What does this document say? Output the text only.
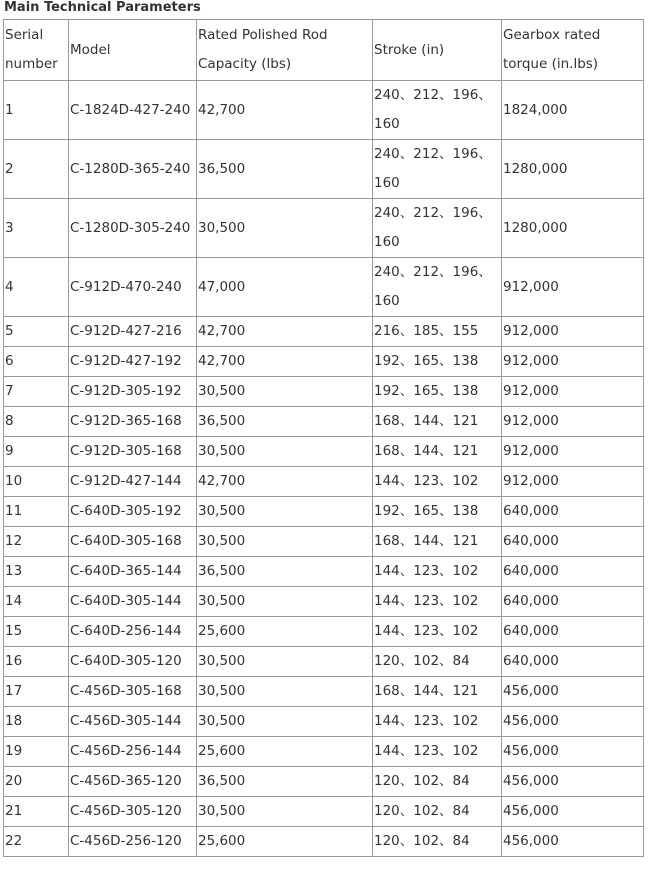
Main Technical Parameters
Serial number	Model	Rated Polished Rod Capacity (lbs)	Stroke (in)	Gearbox rated torque (in.lbs)
1	C-1824D-427-240	42,700	240、212、196、160	1824,000
2	C-1280D-365-240	36,500	240、212、196、160	1280,000
3	C-1280D-305-240	30,500	240、212、196、160	1280,000
4	C-912D-470-240	47,000	240、212、196、160	912,000
5	C-912D-427-216	42,700	216、185、155	912,000
6	C-912D-427-192	42,700	192、165、138	912,000
7	C-912D-305-192	30,500	192、165、138	912,000
8	C-912D-365-168	36,500	168、144、121	912,000
9	C-912D-305-168	30,500	168、144、121	912,000
10	C-912D-427-144	42,700	144、123、102	912,000
11	C-640D-305-192	30,500	192、165、138	640,000
12	C-640D-305-168	30,500	168、144、121	640,000
13	C-640D-365-144	36,500	144、123、102	640,000
14	C-640D-305-144	30,500	144、123、102	640,000
15	C-640D-256-144	25,600	144、123、102	640,000
16	C-640D-305-120	30,500	120、102、84	640,000
17	C-456D-305-168	30,500	168、144、121	456,000
18	C-456D-305-144	30,500	144、123、102	456,000
19	C-456D-256-144	25,600	144、123、102	456,000
20	C-456D-365-120	36,500	120、102、84	456,000
21	C-456D-305-120	30,500	120、102、84	456,000
22	C-456D-256-120	25,600	120、102、84	456,000
